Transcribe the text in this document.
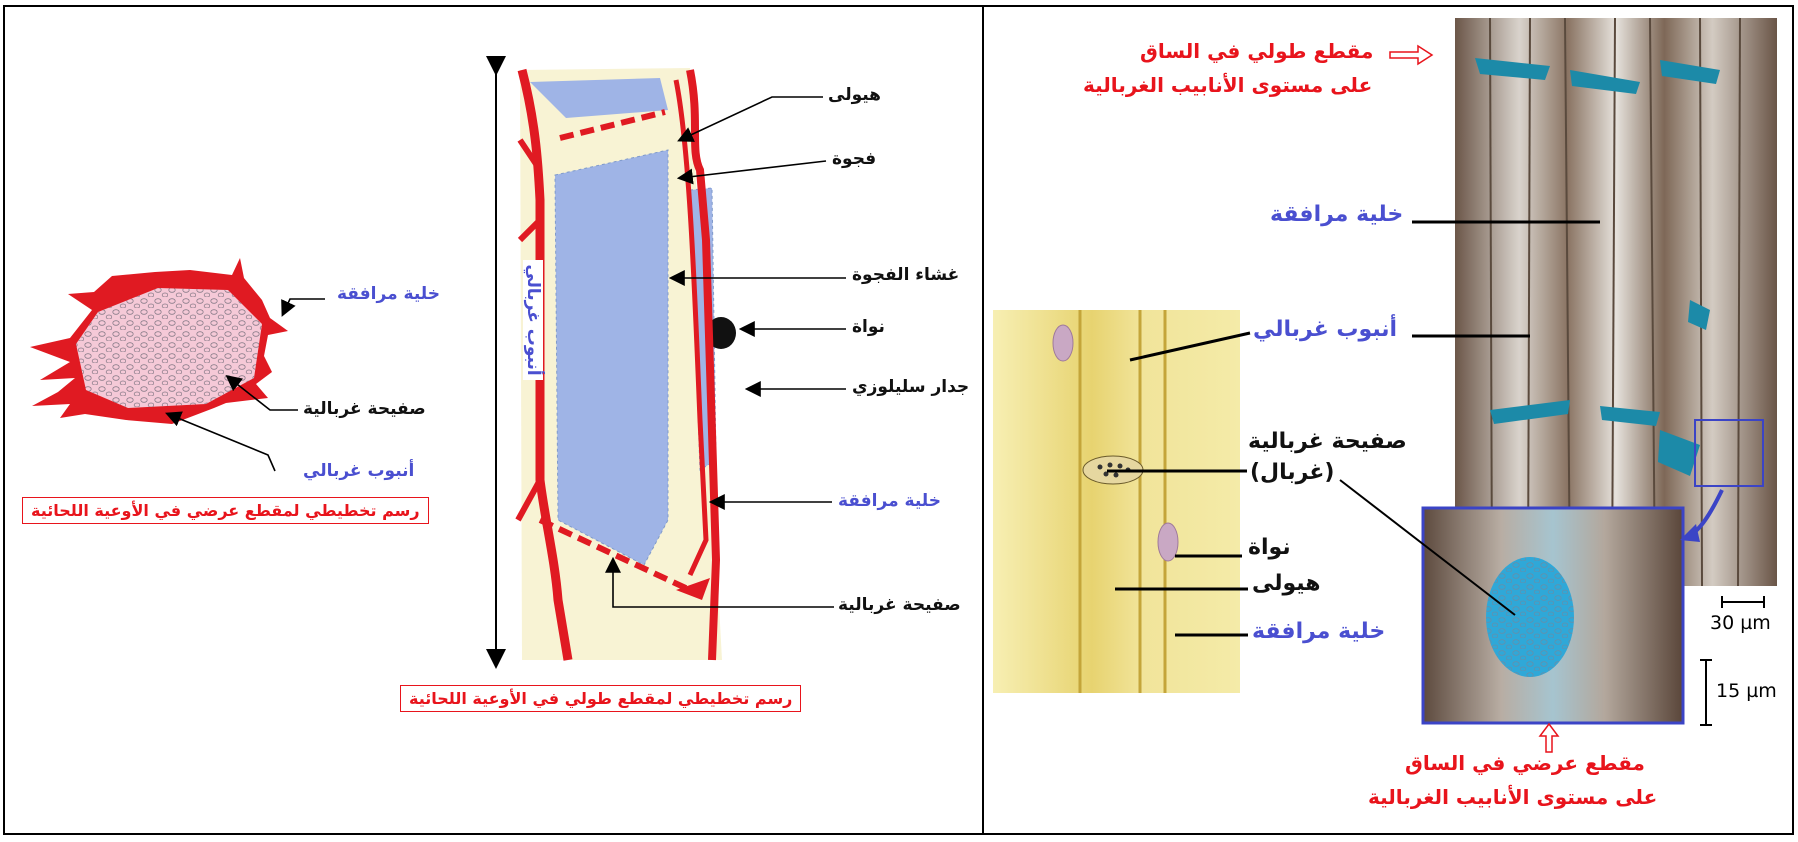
خلية مرافقة
صفيحة غربالية
أنبوب غربالي
رسم تخطيطي لمقطع عرضي في الأوعية اللحائية
هيولى
فجوة
غشاء الفجوة
نواة
جدار سليلوزي
خلية مرافقة
صفيحة غربالية
أنبوب غربالي
رسم تخطيطي لمقطع طولي في الأوعية اللحائية
مقطع طولي في الساق
على مستوى الأنابيب الغربالية
خلية مرافقة
أنبوب غربالي
صفيحة غربالية
(غربال)
نواة
هيولى
خلية مرافقة	30 µm
15 µm
مقطع عرضي في الساق
على مستوى الأنابيب الغربالية
